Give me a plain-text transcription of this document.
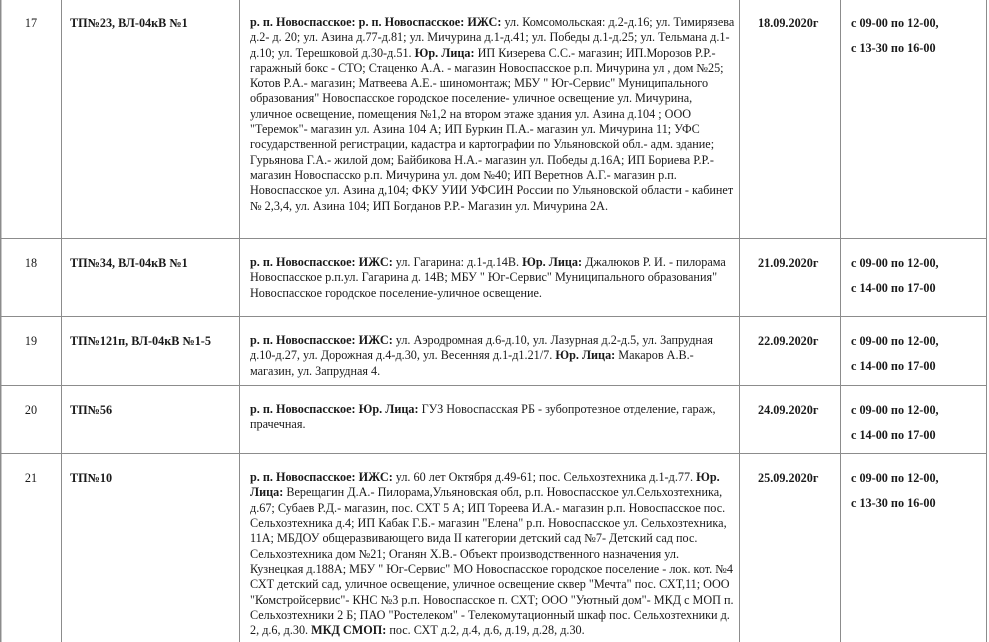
17	ТП№23, ВЛ-04кВ №1	р. п. Новоспасское: р. п. Новоспасское: ИЖС: ул. Комсомольская: д.2-д.16; ул. Тимирязева д.2- д. 20; ул. Азина д.77-д.81; ул. Мичурина д.1-д.41; ул. Победы д.1-д.25; ул. Тельмана д.1-д.10; ул. Терешковой д.30-д.51. Юр. Лица: ИП Кизерева С.С.- магазин; ИП.Морозов Р.Р.- гаражный бокс - СТО; Стаценко А.А. - магазин Новоспасское р.п. Мичурина ул , дом №25; Котов Р.А.- магазин; Матвеева А.Е.- шиномонтаж; МБУ " Юг-Сервис" Муниципального образования" Новоспасское городское поселение- уличное освещение ул. Мичурина, уличное освещение, помещения №1,2 на втором этаже здания ул. Азина д.104 ; ООО "Теремок"- магазин ул. Азина 104 А; ИП Буркин П.А.- магазин ул. Мичурина 11; УФС государственной регистрации, кадастра и картографии по Ульяновской обл.- адм. здание; Гурьянова Г.А.- жилой дом; Байбикова Н.А.- магазин ул. Победы д.16А; ИП Бориева Р.Р.- магазин Новоспасско р.п. Мичурина ул. дом №40; ИП Веретнов А.Г.- магазин р.п. Новоспасское ул. Азина д,104; ФКУ УИИ УФСИН России по Ульяновской области - кабинет № 2,3,4, ул. Азина 104; ИП Богданов Р.Р.- Магазин ул. Мичурина 2А.	18.09.2020г	с 09-00 по 12-00,
с 13-30 по 16-00

18	ТП№34, ВЛ-04кВ №1	р. п. Новоспасское: ИЖС: ул. Гагарина: д.1-д.14В. Юр. Лица: Джалюков Р. И. - пилорама Новоспасское р.п.ул. Гагарина д. 14В; МБУ " Юг-Сервис" Муниципального образования" Новоспасское городское поселение-уличное освещение.	21.09.2020г	с 09-00 по 12-00,
с 14-00 по 17-00

19	ТП№121п, ВЛ-04кВ №1-5	р. п. Новоспасское: ИЖС: ул. Аэродромная д.6-д.10, ул. Лазурная д.2-д.5, ул. Запрудная д.10-д.27, ул. Дорожная д.4-д.30, ул. Весенняя д.1-д1.21/7. Юр. Лица: Макаров А.В.- магазин, ул. Запрудная 4.	22.09.2020г	с 09-00 по 12-00,
с 14-00 по 17-00

20	ТП№56	р. п. Новоспасское: Юр. Лица: ГУЗ Новоспасская РБ - зубопротезное отделение, гараж, прачечная.	24.09.2020г	с 09-00 по 12-00,
с 14-00 по 17-00

21	ТП№10	р. п. Новоспасское: ИЖС: ул. 60 лет Октября д.49-61; пос. Сельхозтехника д.1-д.77. Юр. Лица: Верещагин Д.А.- Пилорама,Ульяновская обл, р.п. Новоспасское ул.Сельхозтехника, д.67; Субаев Р.Д.- магазин, пос. СХТ 5 А; ИП Тореева И.А.- магазин р.п. Новоспасское пос. Сельхозтехника д.4; ИП Кабак Г.Б.- магазин "Елена" р.п. Новоспасское ул. Сельхозтехника, 11А; МБДОУ общеразвивающего вида II категории детский сад №7- Детский сад пос. Сельхозтехника дом №21; Оганян Х.В.- Объект производственного назначения ул. Кузнецкая д.188А; МБУ " Юг-Сервис" МО Новоспасское городское поселение - лок. кот. №4 СХТ детский сад, уличное освещение, уличное освещение сквер "Мечта" пос. СХТ,11; ООО "Комстройсервис"- КНС №3 р.п. Новоспасское п. СХТ; ООО "Уютный дом"- МКД с МОП п. Сельхозтехники 2 Б; ПАО "Ростелеком" - Телекомутационный шкаф пос. Сельхозтехники д. 2, д.6, д.30. МКД СМОП: пос. СХТ д.2, д.4, д.6, д.19, д.28, д.30.	25.09.2020г	с 09-00 по 12-00,
с 13-30 по 16-00
